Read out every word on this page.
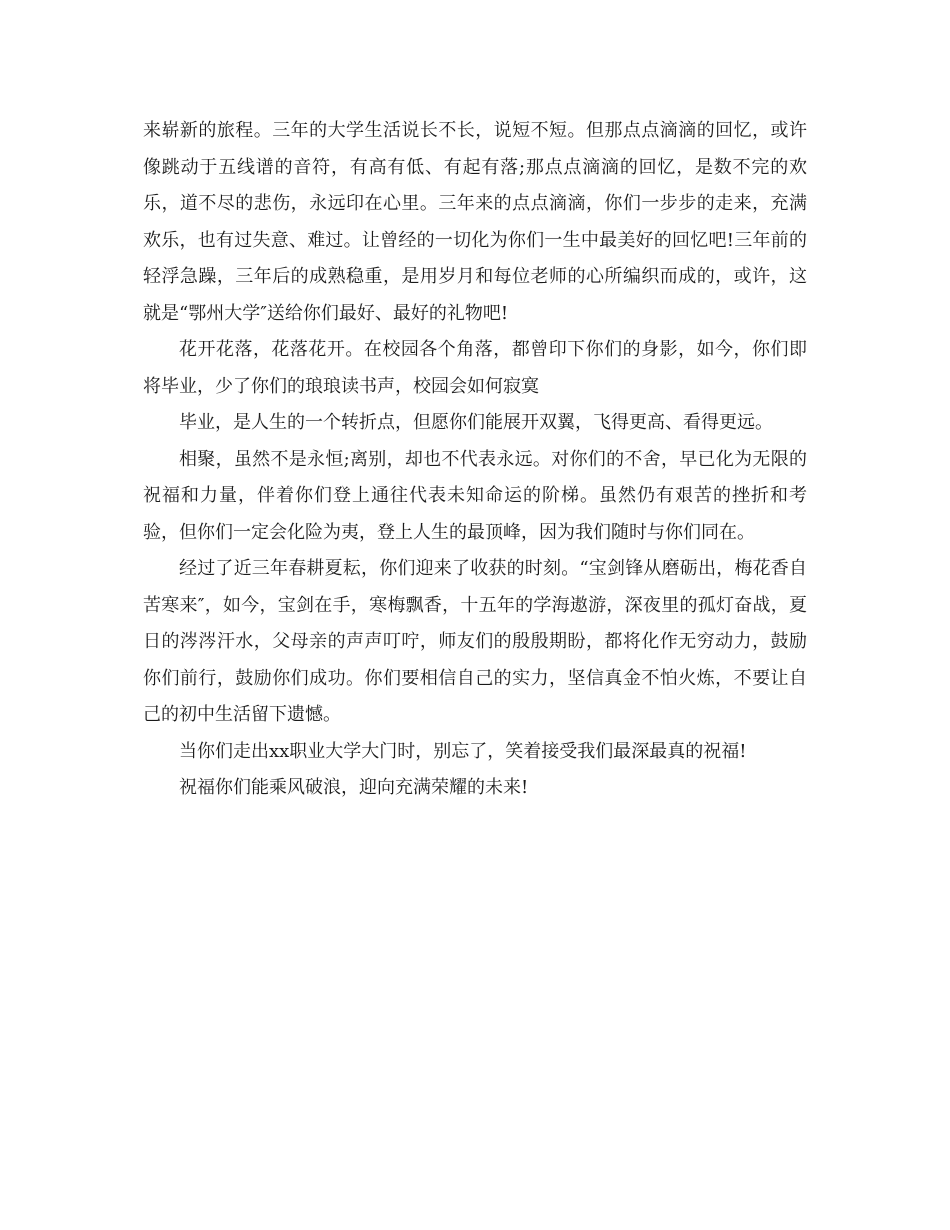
来崭新的旅程。三年的大学生活说长不长，说短不短。但那点点滴滴的回忆，或许像跳动于五线谱的音符，有高有低、有起有落;那点点滴滴的回忆，是数不完的欢乐，道不尽的悲伤，永远印在心里。三年来的点点滴滴，你们一步步的走来，充满欢乐，也有过失意、难过。让曾经的一切化为你们一生中最美好的回忆吧!三年前的轻浮急躁，三年后的成熟稳重，是用岁月和每位老师的心所编织而成的，或许，这就是“鄂州大学″送给你们最好、最好的礼物吧!

花开花落，花落花开。在校园各个角落，都曾印下你们的身影，如今，你们即将毕业，少了你们的琅琅读书声，校园会如何寂寞

毕业，是人生的一个转折点，但愿你们能展开双翼，飞得更高、看得更远。

相聚，虽然不是永恒;离别，却也不代表永远。对你们的不舍，早已化为无限的祝福和力量，伴着你们登上通往代表未知命运的阶梯。虽然仍有艰苦的挫折和考验，但你们一定会化险为夷，登上人生的最顶峰，因为我们随时与你们同在。

经过了近三年春耕夏耘，你们迎来了收获的时刻。“宝剑锋从磨砺出，梅花香自苦寒来″，如今，宝剑在手，寒梅飘香，十五年的学海遨游，深夜里的孤灯奋战，夏日的涔涔汗水，父母亲的声声叮咛，师友们的殷殷期盼，都将化作无穷动力，鼓励你们前行，鼓励你们成功。你们要相信自己的实力，坚信真金不怕火炼，不要让自己的初中生活留下遗憾。

当你们走出xx职业大学大门时，别忘了，笑着接受我们最深最真的祝福!

祝福你们能乘风破浪，迎向充满荣耀的未来!
